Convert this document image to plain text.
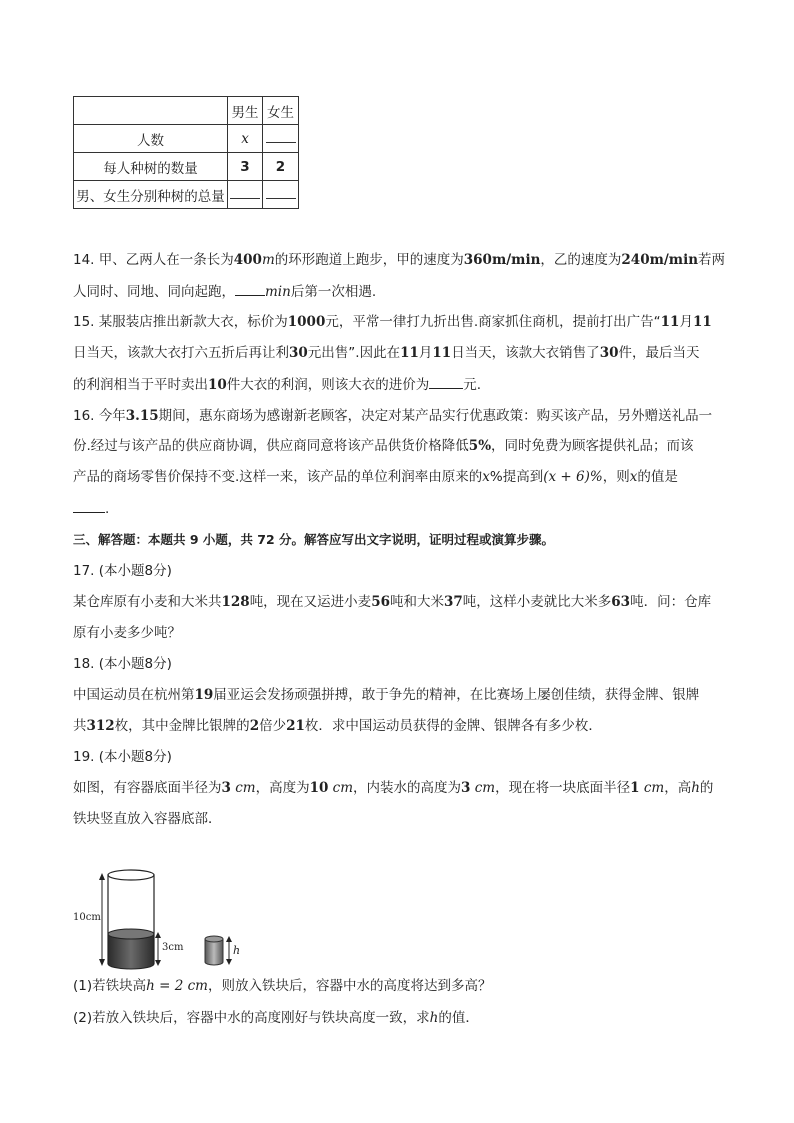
	男生	女生
人数	x	
每人种树的数量	3	2
男、女生分别种树的总量		
14. 甲、乙两人在一条长为400m的环形跑道上跑步，甲的速度为360m/min，乙的速度为240m/min若两
人同时、同地、同向起跑， min后第一次相遇.
15. 某服装店推出新款大衣，标价为1000元，平常一律打九折出售.商家抓住商机，提前打出广告“11月11
日当天，该款大衣打六五折后再让利30元出售”.因此在11月11日当天，该款大衣销售了30件，最后当天
的利润相当于平时卖出10件大衣的利润，则该大衣的进价为	元.
16. 今年3.15期间，惠东商场为感谢新老顾客，决定对某产品实行优惠政策：购买该产品，另外赠送礼品一
份.经过与该产品的供应商协调，供应商同意将该产品供货价格降低5%，同时免费为顾客提供礼品；而该
产品的商场零售价保持不变.这样一来，该产品的单位利润率由原来的x%提高到(x + 6)%，则x的值是
.
三、解答题：本题共 9 小题，共 72 分。解答应写出文字说明，证明过程或演算步骤。
17. (本小题8分)
某仓库原有小麦和大米共128吨，现在又运进小麦56吨和大米37吨，这样小麦就比大米多63吨．问：仓库
原有小麦多少吨？
18. (本小题8分)
中国运动员在杭州第19届亚运会发扬顽强拼搏，敢于争先的精神，在比赛场上屡创佳绩，获得金牌、银牌
共312枚，其中金牌比银牌的2倍少21枚．求中国运动员获得的金牌、银牌各有多少枚．
19. (本小题8分)
如图，有容器底面半径为3 cm，高度为10 cm，内装水的高度为3 cm，现在将一块底面半径1 cm，高h的
铁块竖直放入容器底部．
10cm
3cm	h
(1)若铁块高h = 2 cm，则放入铁块后，容器中水的高度将达到多高？
(2)若放入铁块后，容器中水的高度刚好与铁块高度一致，求h的值．
